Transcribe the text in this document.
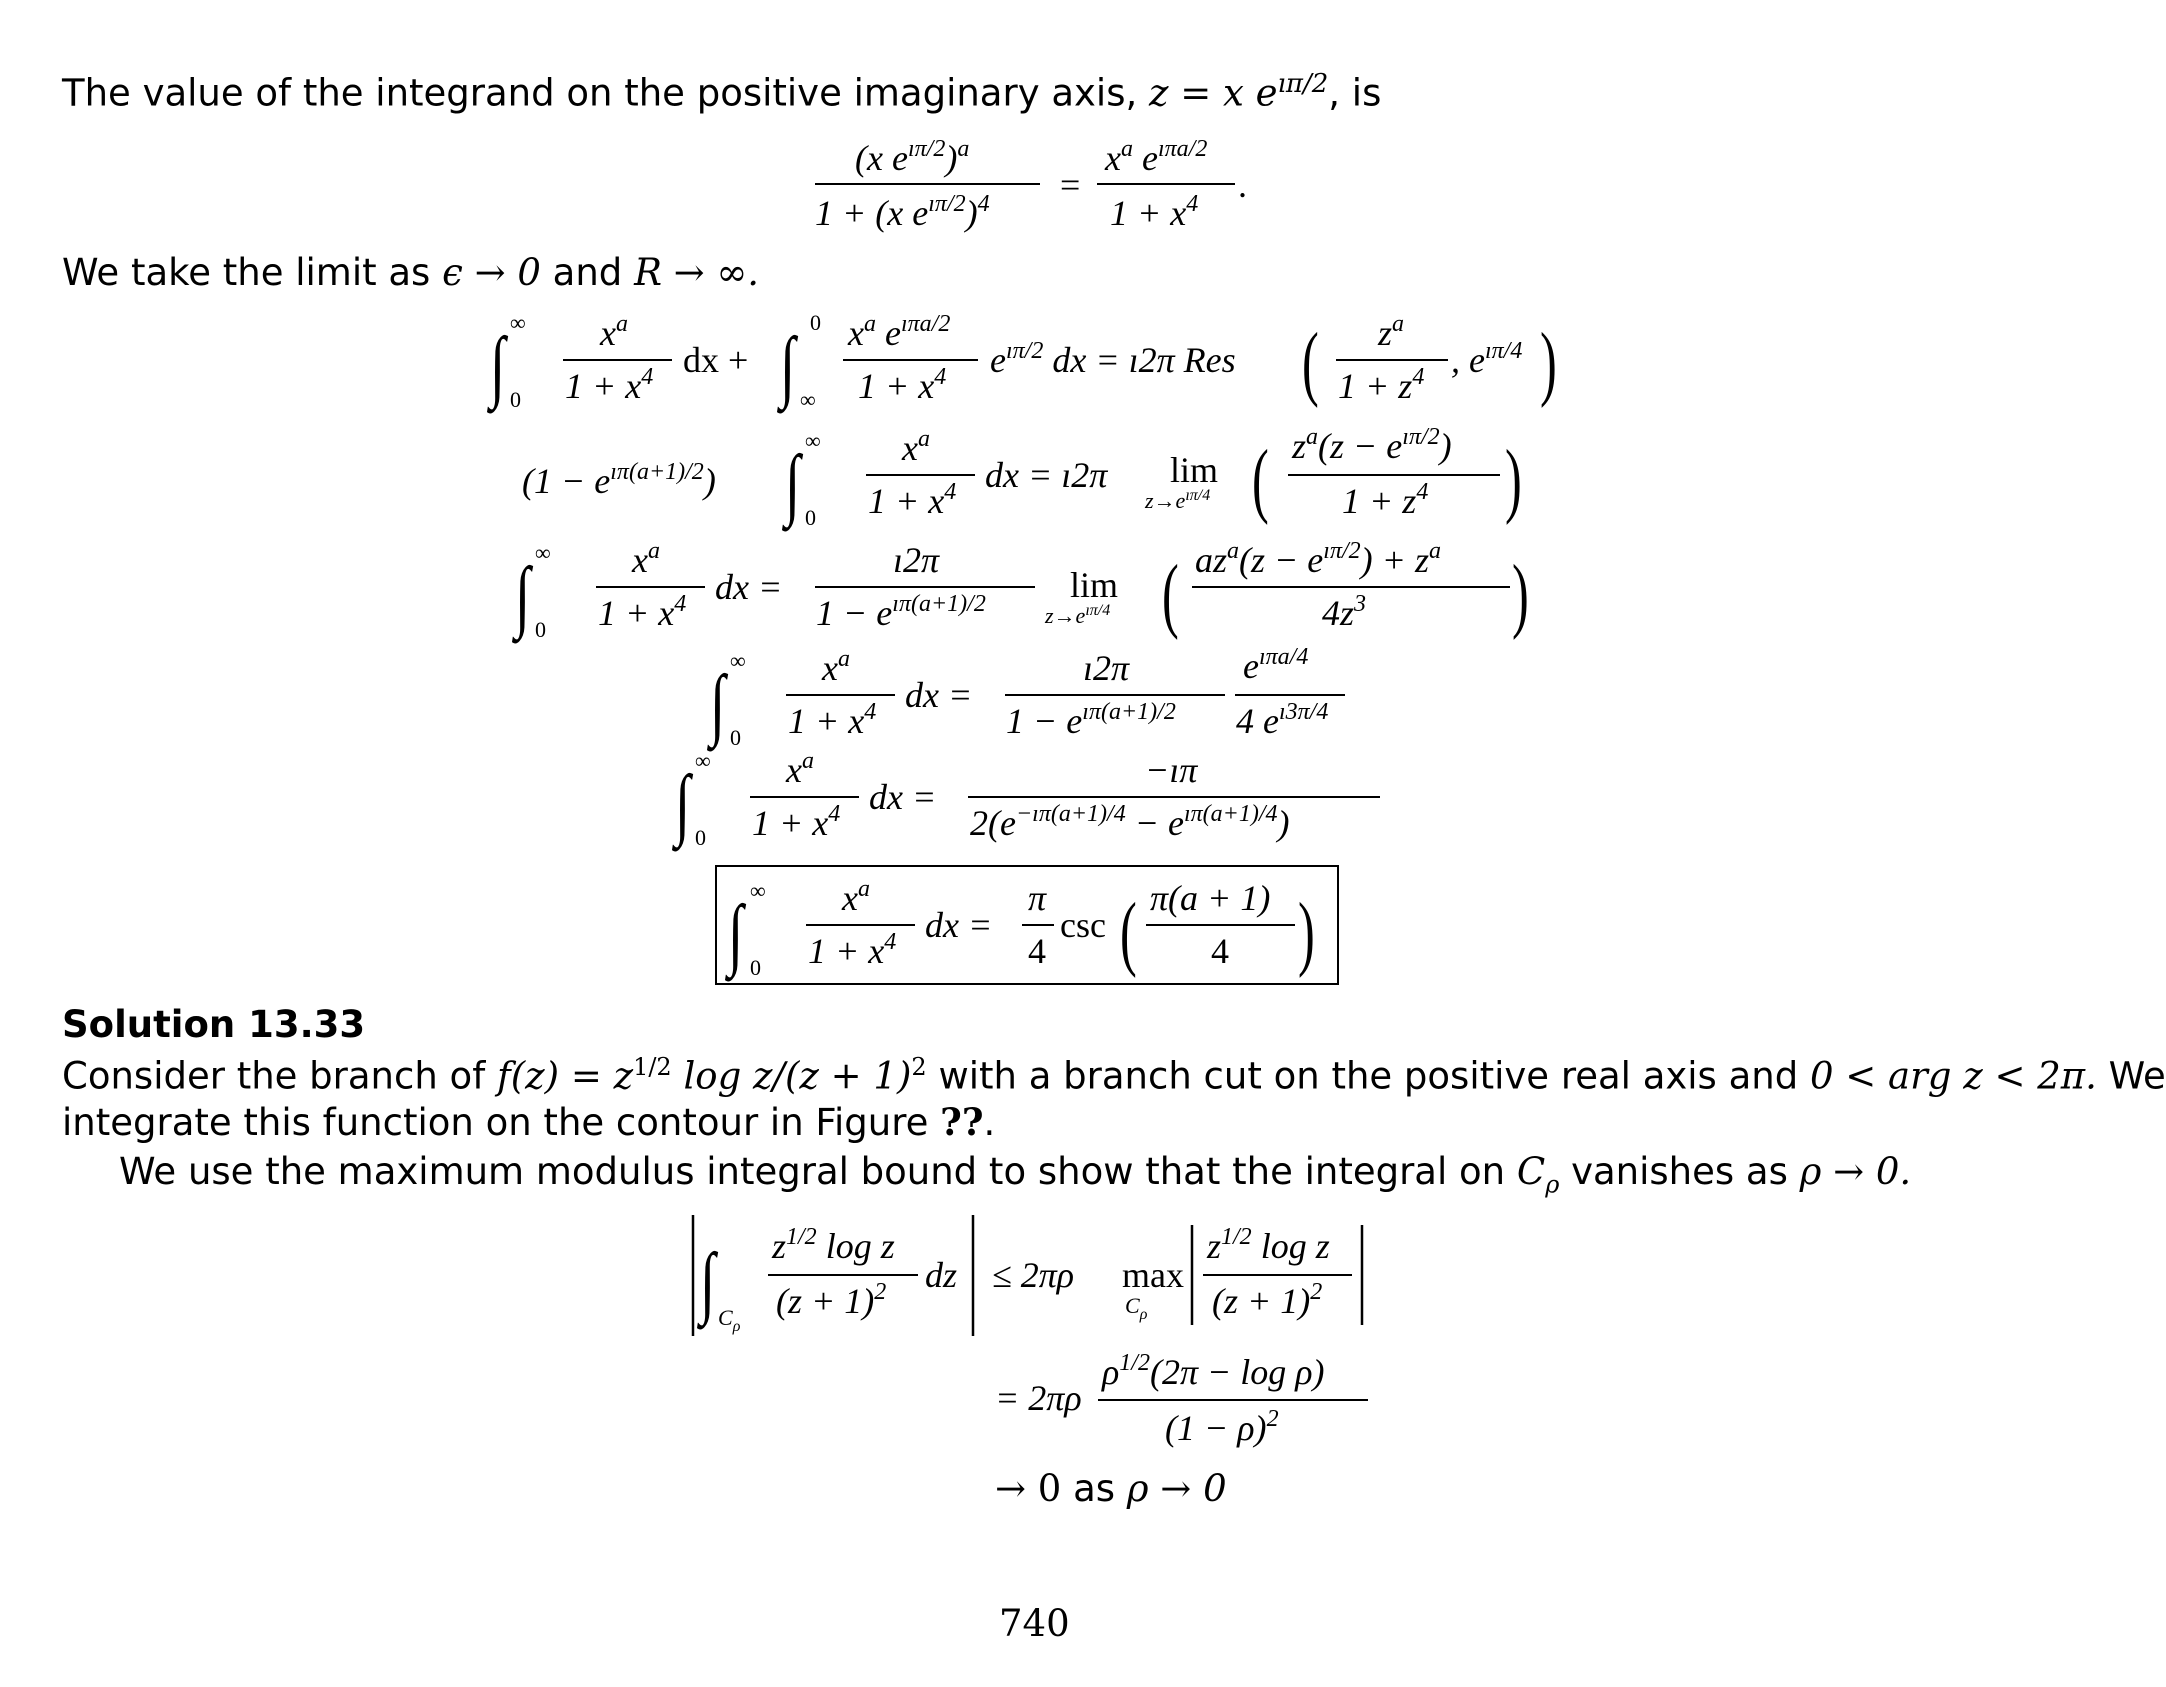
The value of the integrand on the positive imaginary axis, z = x $e^{ı\pi/2}$, is
We take the limit as ϵ → 0 and R → ∞.
Solution 13.33
Consider the branch of $f(z) = z^{1/2}$ $\log z/(z + 1)^2$ with a branch cut on the positive real axis and 0 < arg z < 2π. We
integrate this function on the contour in Figure ??.
We use the maximum modulus integral bound to show that the integral on $C_\rho$ vanishes as ρ → 0.
→ 0 as ρ → 0
740
(x $e^{ı\pi/2})^a$
1 + (x $e^{ı\pi/2})^4$ =
$x^a$ $e^{ı\pi a/2}$
$1 + x^4$ .
∫ ∞
0
$x^a$
$1 + x^4$ dx + ∫ 0
∞
$x^a$ $e^{ı\pi a/2}$
$1 + x^4$ $e^{ı\pi/2}$ dx = ı2π Res ( $z^a$
$1 + z^4$ , $e^{ı\pi/4}$ )
$(1 - e^{ı\pi(a+1)/2})$ ∫ ∞
0
$x^a$
$1 + x^4$ dx = ı2π lim
$z\to e^{ı\pi/4}$ ( $z^a(z - e^{ı\pi/2})$
$1 + z^4$ )
∫ ∞
0
$x^a$
$1 + x^4$ dx =
ı2π
$1 - e^{ı\pi(a+1)/2}$ lim
$z\to e^{ı\pi/4}$ ( $az^a(z - e^{ı\pi/2}) + z^a$
$4z^3$ )
∫ ∞
0
$x^a$
$1 + x^4$ dx =
ı2π
$1 - e^{ı\pi(a+1)/2}$
$e^{ı\pi a/4}$
4 $e^{ı3\pi/4}$
∫ ∞
0
$x^a$
$1 + x^4$ dx =
−ıπ
$2(e^{-ı\pi(a+1)/4} - e^{ı\pi(a+1)/4})$
∫ ∞
0
$x^a$
$1 + x^4$ dx =
π
4
csc ( π(a + 1)
4 )
∫ $C_\rho$
$z^{1/2}$ log z
$(z + 1)^2$ dz ≤ 2πρ max
$C_\rho$
$z^{1/2}$ log z
$(z + 1)^2$
= 2πρ
$\rho^{1/2}(2\pi - \log \rho)$
$(1 - \rho)^2$
